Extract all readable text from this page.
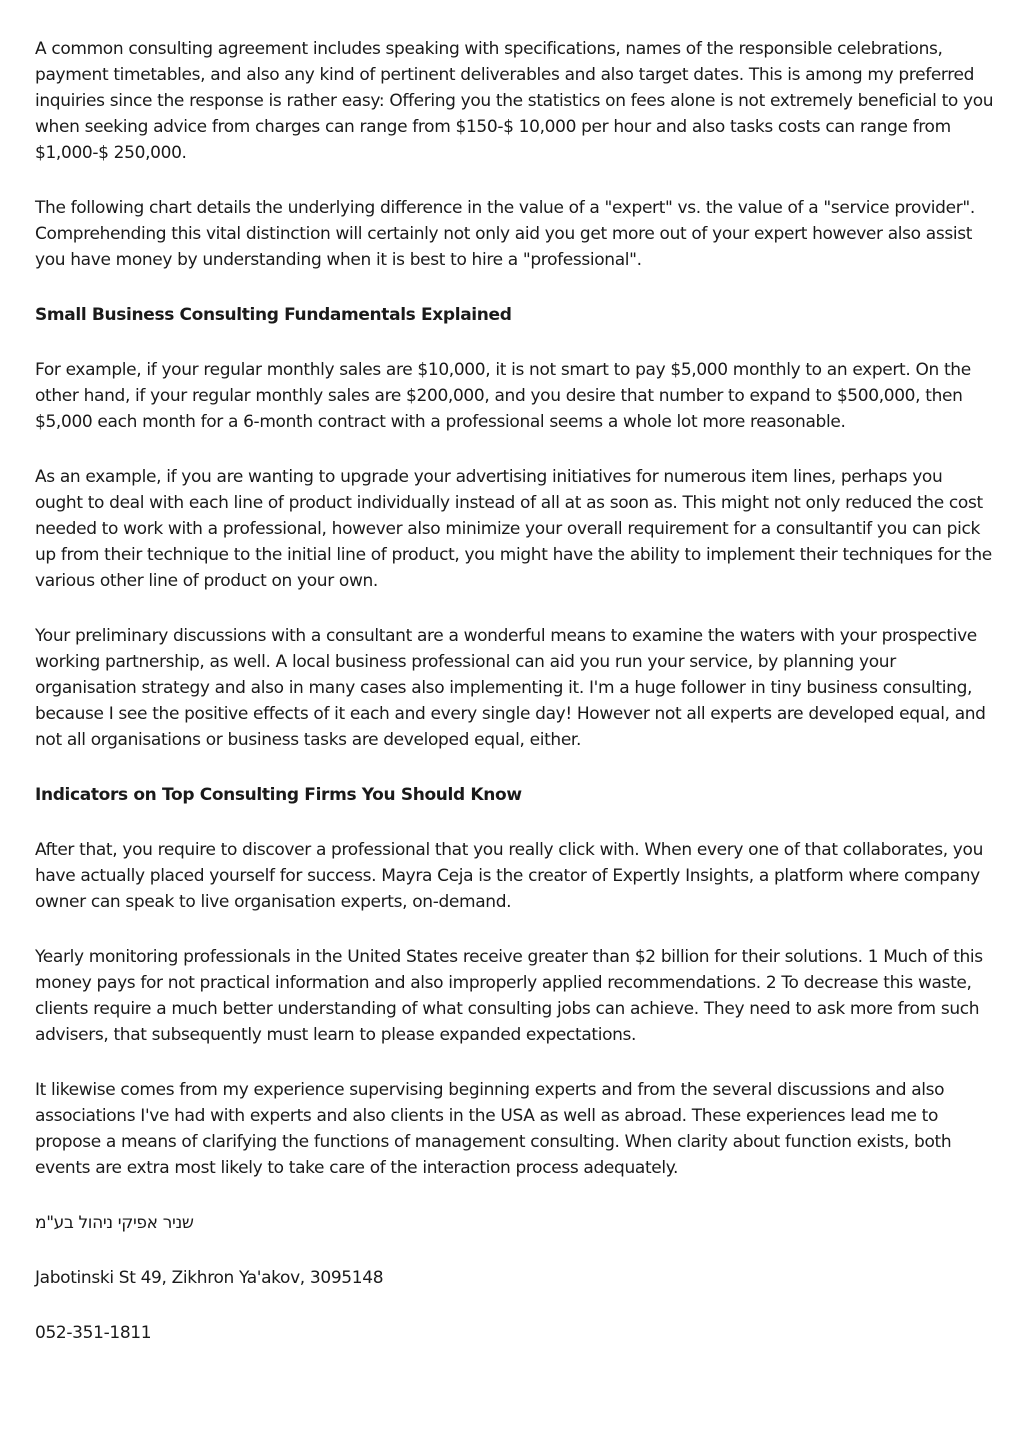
A common consulting agreement includes speaking with specifications, names of the responsible celebrations, payment timetables, and also any kind of pertinent deliverables and also target dates. This is among my preferred inquiries since the response is rather easy: Offering you the statistics on fees alone is not extremely beneficial to you when seeking advice from charges can range from $150-$ 10,000 per hour and also tasks costs can range from $1,000-$ 250,000.

The following chart details the underlying difference in the value of a "expert" vs. the value of a "service provider". Comprehending this vital distinction will certainly not only aid you get more out of your expert however also assist you have money by understanding when it is best to hire a "professional".

Small Business Consulting Fundamentals Explained

For example, if your regular monthly sales are $10,000, it is not smart to pay $5,000 monthly to an expert. On the other hand, if your regular monthly sales are $200,000, and you desire that number to expand to $500,000, then $5,000 each month for a 6-month contract with a professional seems a whole lot more reasonable.

As an example, if you are wanting to upgrade your advertising initiatives for numerous item lines, perhaps you ought to deal with each line of product individually instead of all at as soon as. This might not only reduced the cost needed to work with a professional, however also minimize your overall requirement for a consultantif you can pick up from their technique to the initial line of product, you might have the ability to implement their techniques for the various other line of product on your own.

Your preliminary discussions with a consultant are a wonderful means to examine the waters with your prospective working partnership, as well. A local business professional can aid you run your service, by planning your organisation strategy and also in many cases also implementing it. I'm a huge follower in tiny business consulting, because I see the positive effects of it each and every single day! However not all experts are developed equal, and not all organisations or business tasks are developed equal, either.

Indicators on Top Consulting Firms You Should Know

After that, you require to discover a professional that you really click with. When every one of that collaborates, you have actually placed yourself for success. Mayra Ceja is the creator of Expertly Insights, a platform where company owner can speak to live organisation experts, on-demand.

Yearly monitoring professionals in the United States receive greater than $2 billion for their solutions. 1 Much of this money pays for not practical information and also improperly applied recommendations. 2 To decrease this waste, clients require a much better understanding of what consulting jobs can achieve. They need to ask more from such advisers, that subsequently must learn to please expanded expectations.

It likewise comes from my experience supervising beginning experts and from the several discussions and also associations I've had with experts and also clients in the USA as well as abroad. These experiences lead me to propose a means of clarifying the functions of management consulting. When clarity about function exists, both events are extra most likely to take care of the interaction process adequately.

שניר אפיקי ניהול בע"מ

Jabotinski St 49, Zikhron Ya'akov, 3095148

052-351-1811
